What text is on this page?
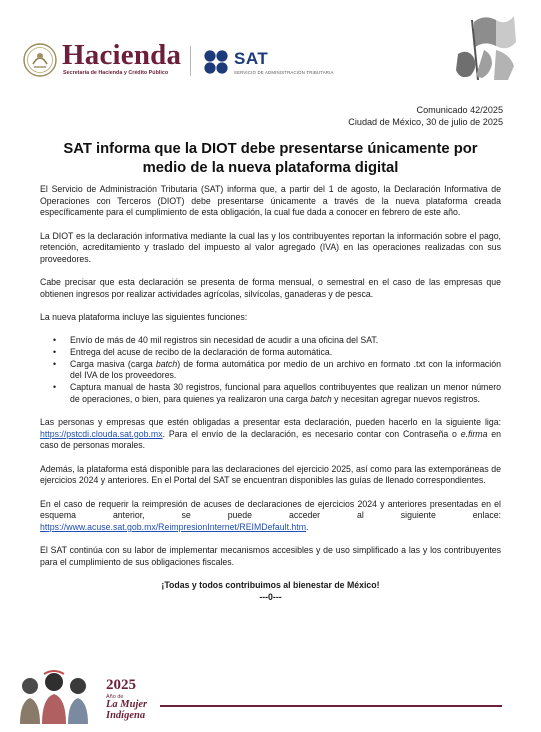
Hacienda
Secretaría de Hacienda y Crédito Público
SAT
SERVICIO DE ADMINISTRACIÓN TRIBUTARIA
Comunicado 42/2025
Ciudad de México, 30 de julio de 2025
SAT informa que la DIOT debe presentarse únicamente por medio de la nueva plataforma digital

El Servicio de Administración Tributaria (SAT) informa que, a partir del 1 de agosto, la Declaración Informativa de Operaciones con Terceros (DIOT) debe presentarse únicamente a través de la nueva plataforma creada específicamente para el cumplimiento de esta obligación, la cual fue dada a conocer en febrero de este año.

La DIOT es la declaración informativa mediante la cual las y los contribuyentes reportan la información sobre el pago, retención, acreditamiento y traslado del impuesto al valor agregado (IVA) en las operaciones realizadas con sus proveedores.

Cabe precisar que esta declaración se presenta de forma mensual, o semestral en el caso de las empresas que obtienen ingresos por realizar actividades agrícolas, silvícolas, ganaderas y de pesca.

La nueva plataforma incluye las siguientes funciones:

• Envío de más de 40 mil registros sin necesidad de acudir a una oficina del SAT.
• Entrega del acuse de recibo de la declaración de forma automática.
• Carga masiva (carga batch) de forma automática por medio de un archivo en formato .txt con la información del IVA de los proveedores.
• Captura manual de hasta 30 registros, funcional para aquellos contribuyentes que realizan un menor número de operaciones, o bien, para quienes ya realizaron una carga batch y necesitan agregar nuevos registros.

Las personas y empresas que estén obligadas a presentar esta declaración, pueden hacerlo en la siguiente liga: https://pstcdi.clouda.sat.gob.mx. Para el envío de la declaración, es necesario contar con Contraseña o e.firma en caso de personas morales.

Además, la plataforma está disponible para las declaraciones del ejercicio 2025, así como para las extemporáneas de ejercicios 2024 y anteriores. En el Portal del SAT se encuentran disponibles las guías de llenado correspondientes.

En el caso de requerir la reimpresión de acuses de declaraciones de ejercicios 2024 y anteriores presentadas en el esquema anterior, se puede acceder al siguiente enlace: https://www.acuse.sat.gob.mx/ReimpresionInternet/REIMDefault.htm.

El SAT continúa con su labor de implementar mecanismos accesibles y de uso simplificado a las y los contribuyentes para el cumplimiento de sus obligaciones fiscales.

¡Todas y todos contribuimos al bienestar de México!

---0---

2025
Año de
La Mujer
Indígena
